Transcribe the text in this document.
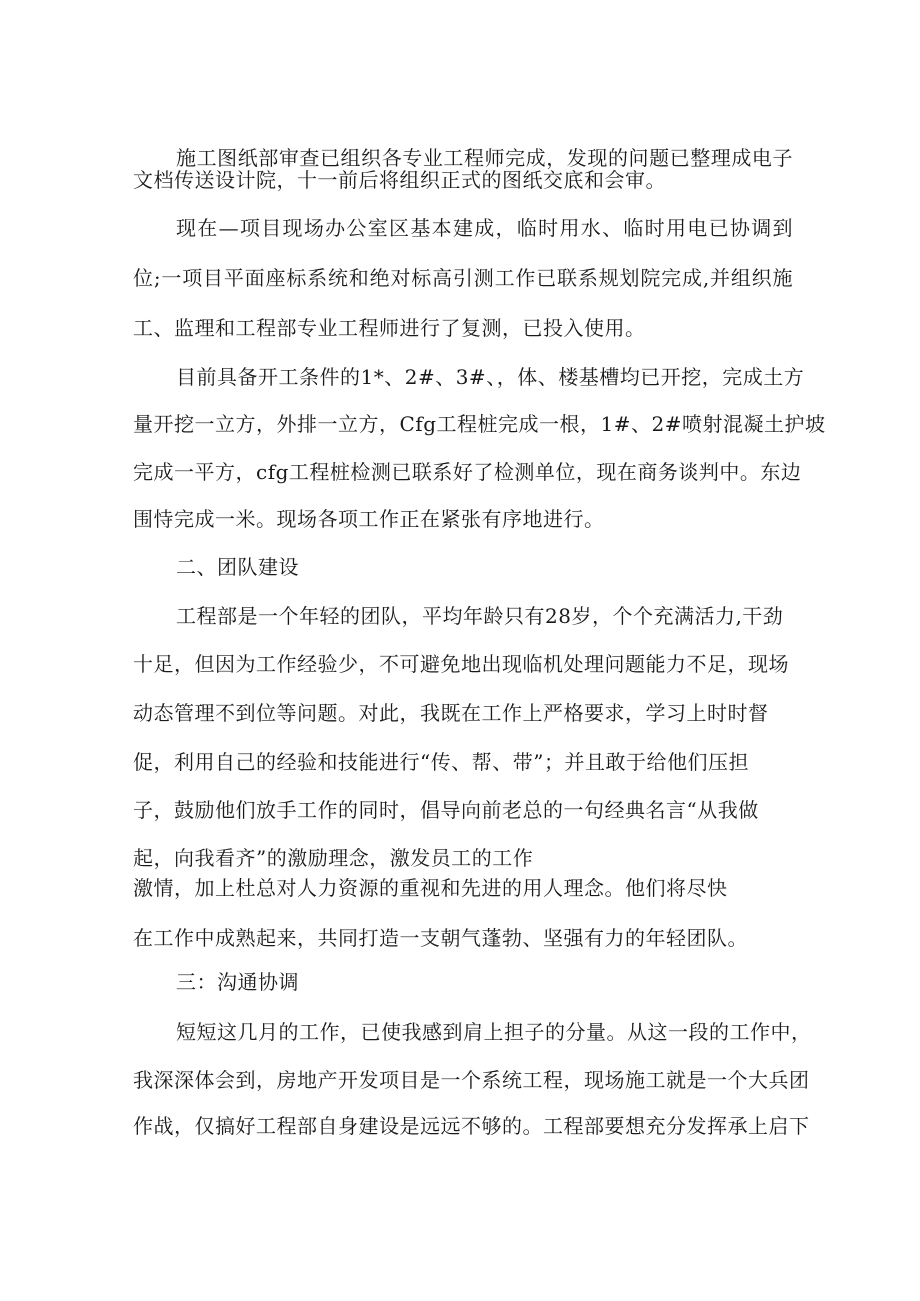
施工图纸部审查已组织各专业工程师完成，发现的问题已整理成电子
文档传送设计院，十一前后将组织正式的图纸交底和会审。
现在—项目现场办公室区基本建成，临时用水、临时用电已协调到
位;一项目平面座标系统和绝对标高引测工作已联系规划院完成,并组织施
工、监理和工程部专业工程师进行了复测，已投入使用。
目前具备开工条件的1*、2#、3#、，体、楼基槽均已开挖，完成土方
量开挖一立方，外排一立方，Cfg工程桩完成一根，1#、2#喷射混凝土护坡
完成一平方，cfg工程桩检测已联系好了检测单位，现在商务谈判中。东边
围恃完成一米。现场各项工作正在紧张有序地进行。
二、团队建设
工程部是一个年轻的团队，平均年龄只有28岁，个个充满活力,干劲
十足，但因为工作经验少，不可避免地出现临机处理问题能力不足，现场
动态管理不到位等问题。对此，我既在工作上严格要求，学习上时时督
促，利用自己的经验和技能进行“传、帮、带”；并且敢于给他们压担
子，鼓励他们放手工作的同时，倡导向前老总的一句经典名言“从我做
起，向我看齐”的激励理念，激发员工的工作
激情，加上杜总对人力资源的重视和先进的用人理念。他们将尽快
在工作中成熟起来，共同打造一支朝气蓬勃、坚强有力的年轻团队。
三：沟通协调
短短这几月的工作，已使我感到肩上担子的分量。从这一段的工作中，
我深深体会到，房地产开发项目是一个系统工程，现场施工就是一个大兵团
作战，仅搞好工程部自身建设是远远不够的。工程部要想充分发挥承上启下
